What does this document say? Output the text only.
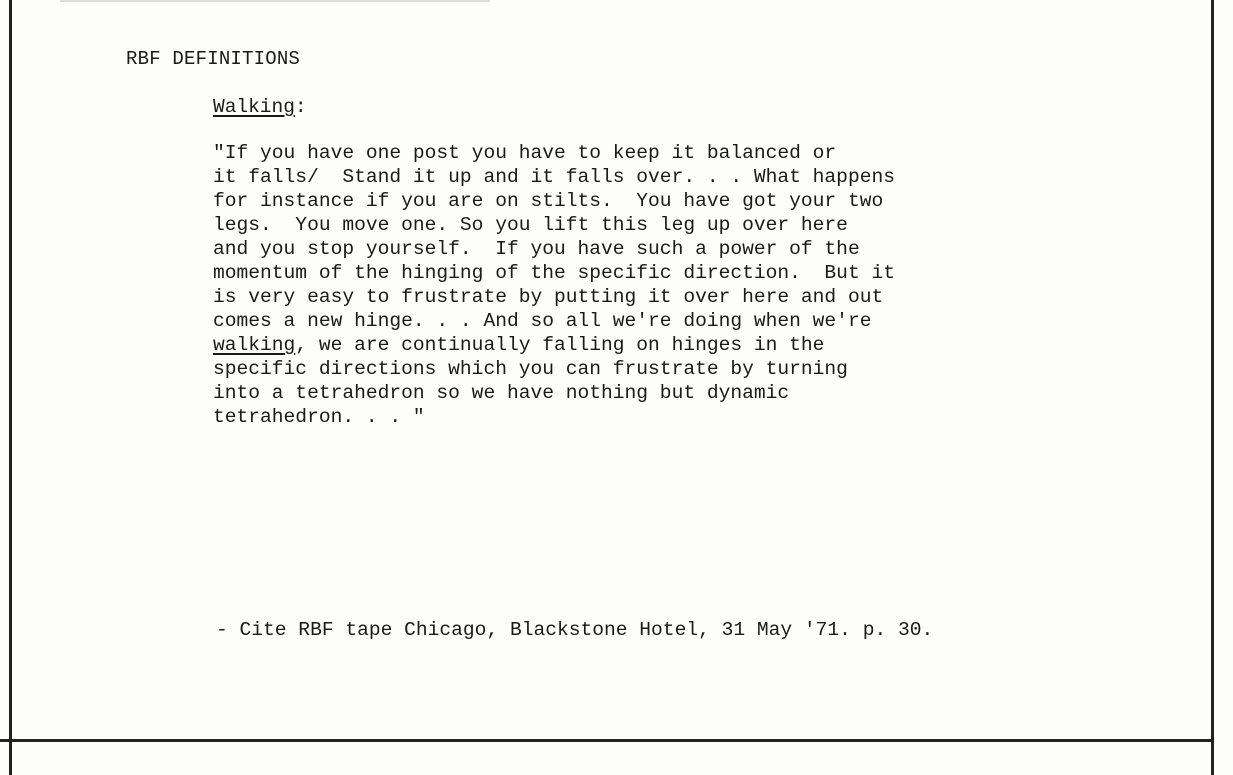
RBF DEFINITIONS
Walking:
"If you have one post you have to keep it balanced or
it falls/  Stand it up and it falls over. . . What happens
for instance if you are on stilts.  You have got your two
legs.  You move one. So you lift this leg up over here
and you stop yourself.  If you have such a power of the
momentum of the hinging of the specific direction.  But it
is very easy to frustrate by putting it over here and out
comes a new hinge. . . And so all we're doing when we're
walking, we are continually falling on hinges in the
specific directions which you can frustrate by turning
into a tetrahedron so we have nothing but dynamic
tetrahedron. . . "
- Cite RBF tape Chicago, Blackstone Hotel, 31 May '71. p. 30.
